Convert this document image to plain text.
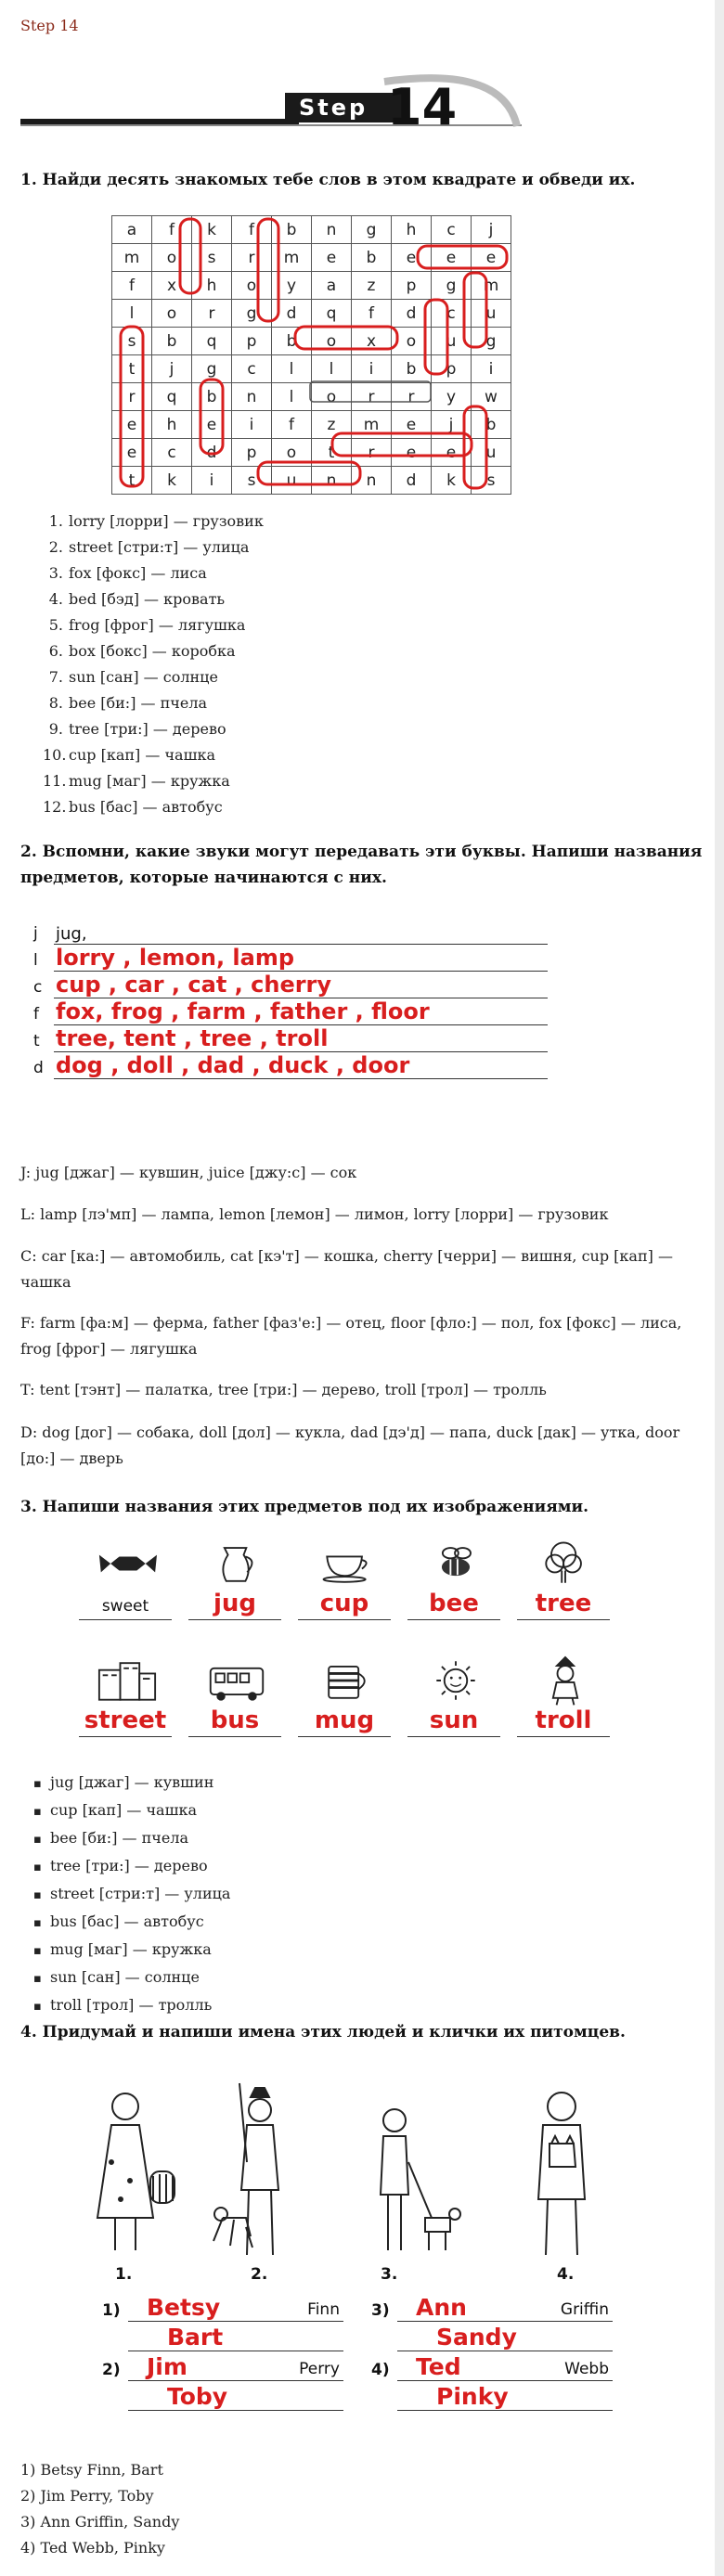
Step 14
Step 14
1. Найди десять знакомых тебе слов в этом квадрате и обведи их.
a	f	k	f	b	n	g	h	c	j
m	o	s	r	m	e	b	e	e	e
f	x	h	o	y	a	z	p	g	m
l	o	r	g	d	q	f	d	c	u
s	b	q	p	b	o	x	o	u	g
t	j	g	c	l	l	i	b	p	i
r	q	b	n	l	o	r	r	y	w
e	h	e	i	f	z	m	e	j	b
e	c	d	p	o	t	r	e	e	u
t	k	i	s	u	n	n	d	k	s
1. lorry [лорри] — грузовик
2. street [стри:т] — улица
3. fox [фокс] — лиса
4. bed [бэд] — кровать
5. frog [фрог] — лягушка
6. box [бокс] — коробка
7. sun [сан] — солнце
8. bee [би:] — пчела
9. tree [три:] — дерево
10. cup [кап] — чашка
11. mug [маг] — кружка
12. bus [бас] — автобус
2. Вспомни, какие звуки могут передавать эти буквы. Напиши названия
предметов, которые начинаются с них.
j jug,
l lorry , lemon, lamp
c cup , car , cat , cherry
f fox, frog , farm , father , floor
t tree, tent , tree , troll
d dog , doll , dad , duck , door
J: jug [джаг] — кувшин, juice [джу:с] — сок
L: lamp [лэ'мп] — лампа, lemon [лемон] — лимон, lorry [лорри] — грузовик
C: car [ка:] — автомобиль, cat [кэ'т] — кошка, cherry [черри] — вишня, cup [кап] — чашка
F: farm [фа:м] — ферма, father [фаз'е:] — отец, floor [фло:] — пол, fox [фокс] — лиса, frog [фрог] — лягушка
T: tent [тэнт] — палатка, tree [три:] — дерево, troll [трол] — тролль
D: dog [дог] — собака, doll [дол] — кукла, dad [дэ'д] — папа, duck [дак] — утка, door [до:] — дверь
3. Напиши названия этих предметов под их изображениями.
sweet	jug	cup	bee	tree
street	bus	mug	sun	troll
▪ jug [джаг] — кувшин
▪ cup [кап] — чашка
▪ bee [би:] — пчела
▪ tree [три:] — дерево
▪ street [стри:т] — улица
▪ bus [бас] — автобус
▪ mug [маг] — кружка
▪ sun [сан] — солнце
▪ troll [трол] — тролль
4. Придумай и напиши имена этих людей и клички их питомцев.
1.	2.	3.	4.
1) Betsy	Finn
Bart
2) Jim	Perry
Toby
3) Ann	Griffin
Sandy
4) Ted	Webb
Pinky
1) Betsy Finn, Bart
2) Jim Perry, Toby
3) Ann Griffin, Sandy
4) Ted Webb, Pinky
